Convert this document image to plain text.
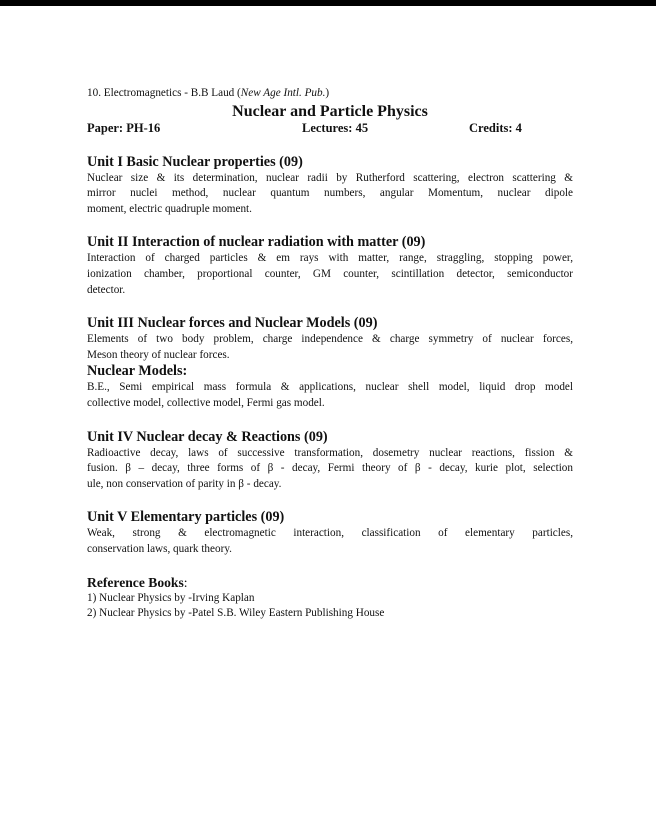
10. Electromagnetics - B.B Laud (New Age Intl. Pub.)
Nuclear and Particle Physics
Paper: PH-16	Lectures: 45	Credits: 4
Unit I Basic Nuclear properties (09)
Nuclear size & its determination, nuclear radii by Rutherford scattering, electron scattering &
mirror nuclei method, nuclear quantum numbers, angular Momentum, nuclear dipole
moment, electric quadruple moment.
Unit II Interaction of nuclear radiation with matter (09)
Interaction of charged particles & em rays with matter, range, straggling, stopping power,
ionization chamber, proportional counter, GM counter, scintillation detector, semiconductor
detector.
Unit III Nuclear forces and Nuclear Models (09)
Elements of two body problem, charge independence & charge symmetry of nuclear forces,
Meson theory of nuclear forces.
Nuclear Models:
B.E., Semi empirical mass formula & applications, nuclear shell model, liquid drop model
collective model, collective model, Fermi gas model.
Unit IV Nuclear decay & Reactions (09)
Radioactive decay, laws of successive transformation, dosemetry nuclear reactions, fission &
fusion. β – decay, three forms of β - decay, Fermi theory of β - decay, kurie plot, selection
ule, non conservation of parity in β - decay.
Unit V Elementary particles (09)
Weak, strong & electromagnetic interaction, classification of elementary particles,
conservation laws, quark theory.
Reference Books:
1) Nuclear Physics by -Irving Kaplan
2) Nuclear Physics by -Patel S.B. Wiley Eastern Publishing House
